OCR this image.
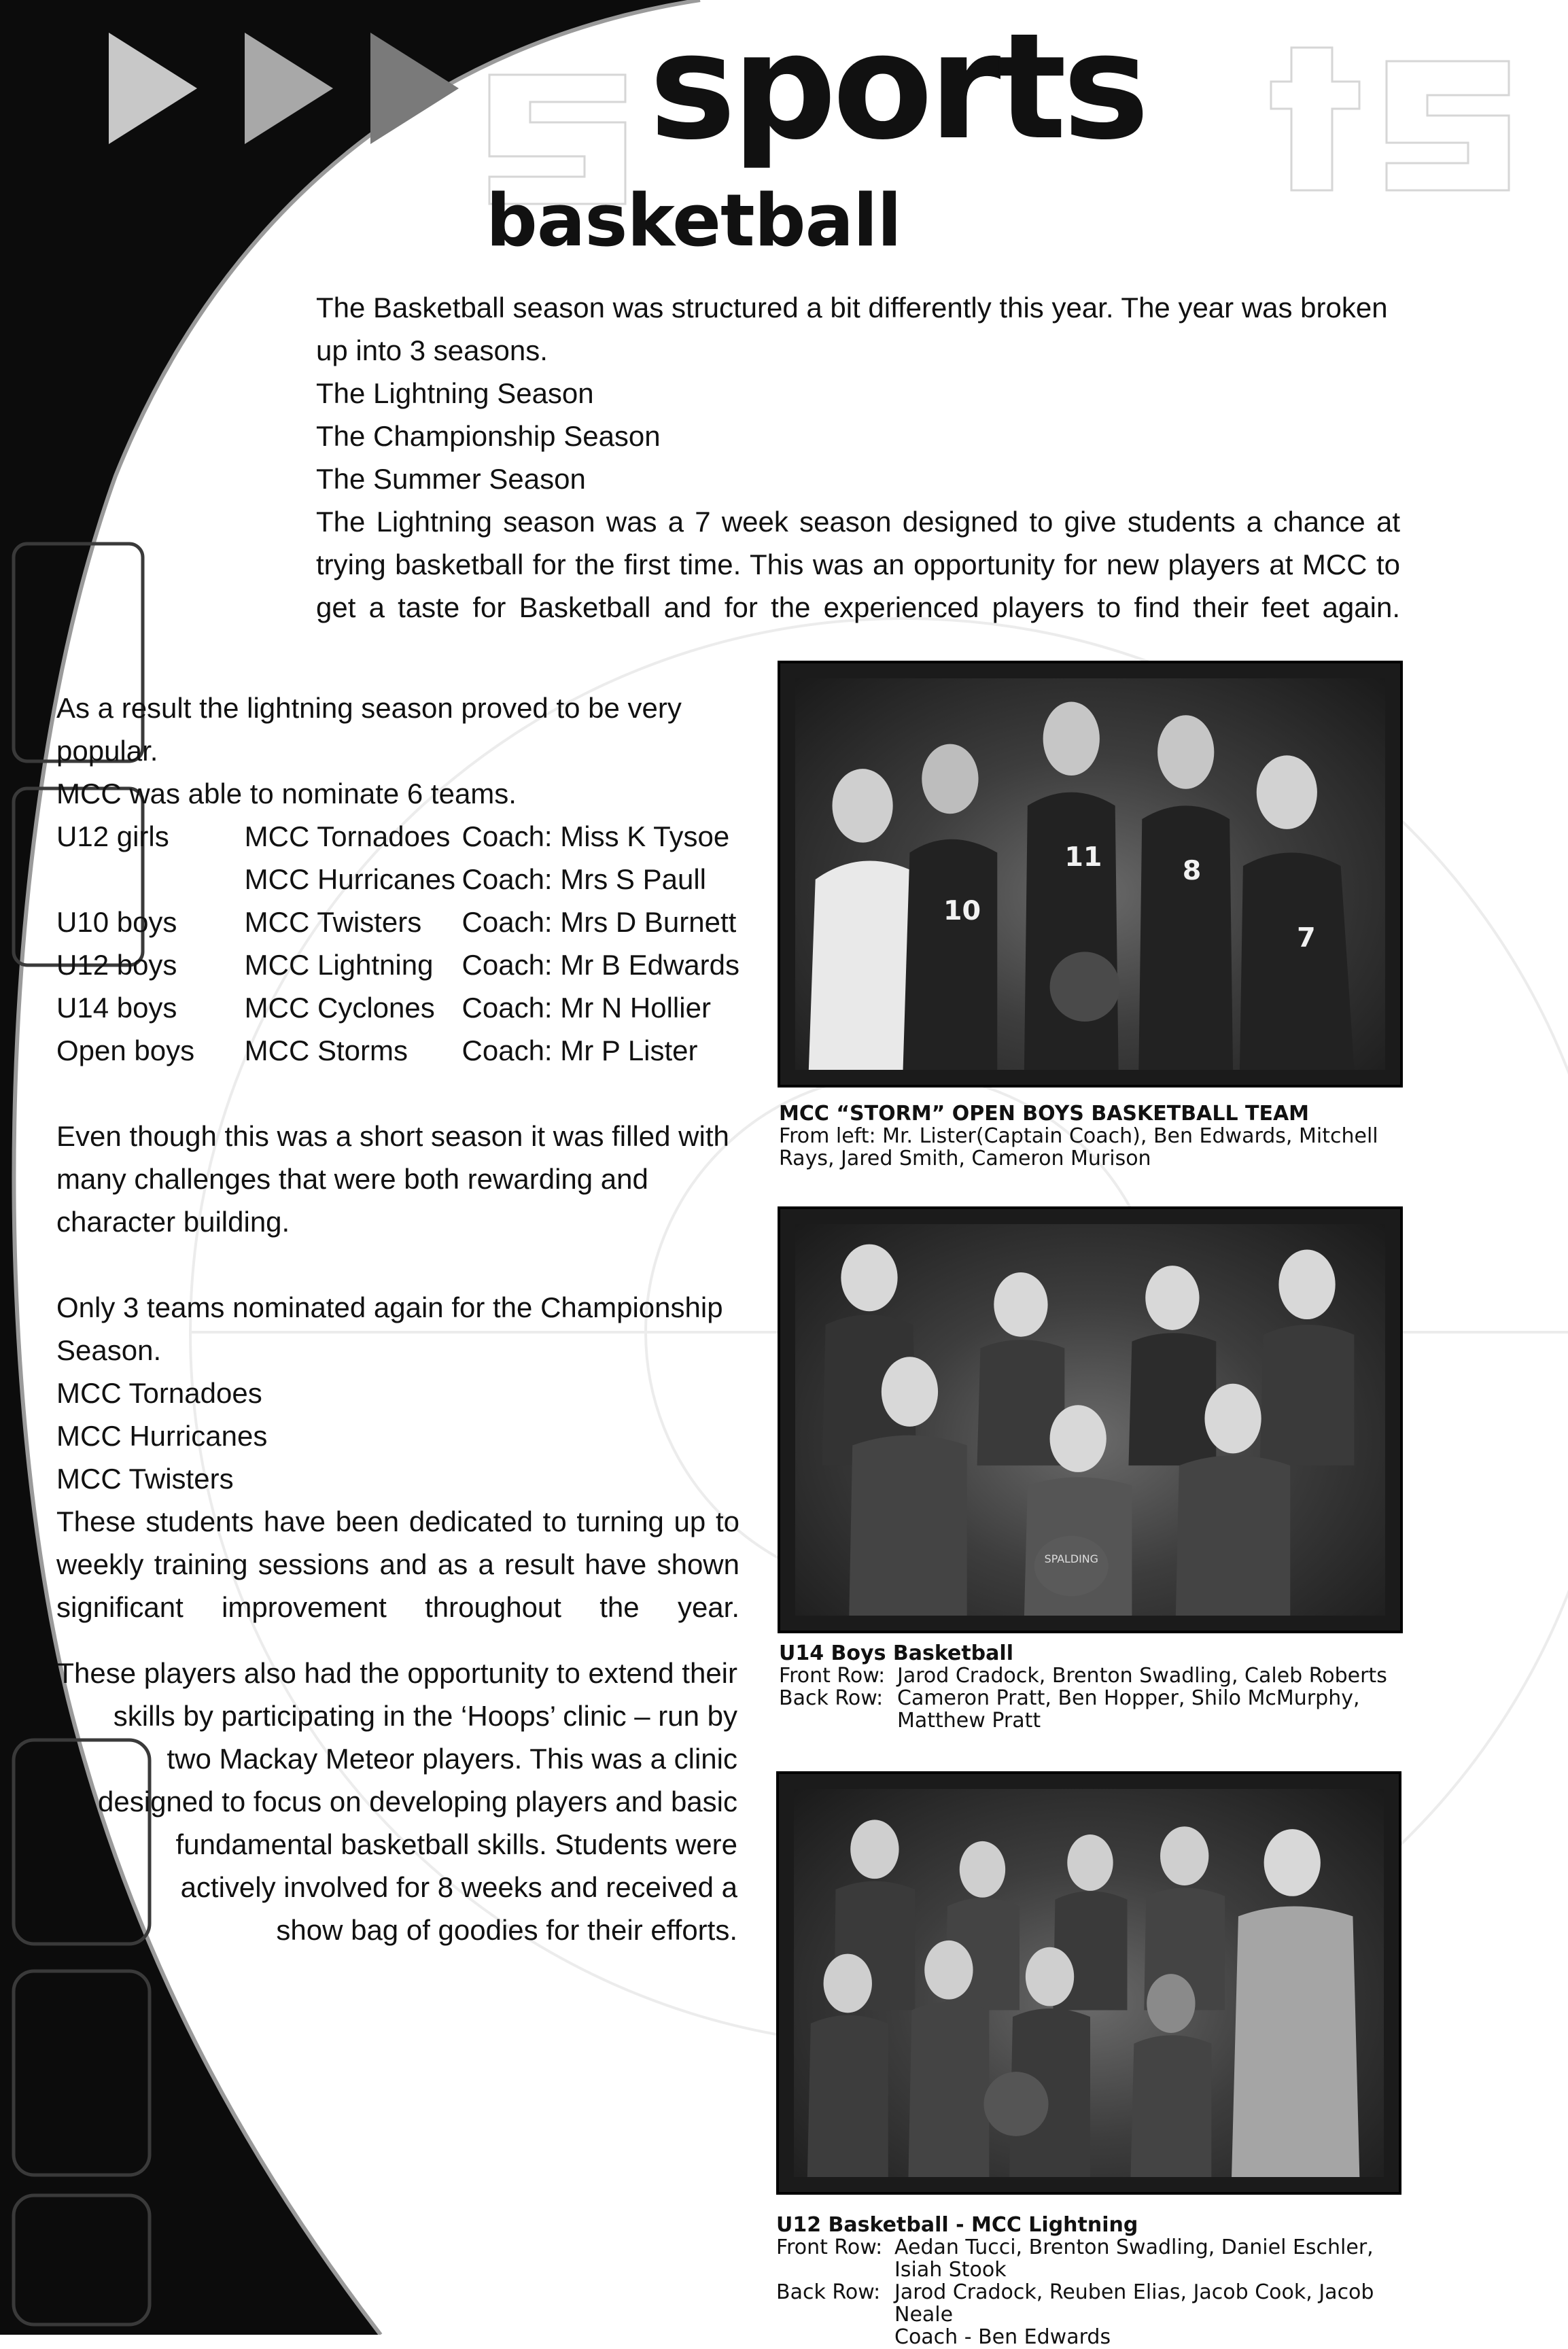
sports
basketball

The Basketball season was structured a bit differently this year. The year was broken up into 3 seasons.

The Lightning Season

The Championship Season

The Summer Season

The Lightning season was a 7 week season designed to give students a chance at trying basketball for the first time. This was an opportunity for new players at MCC to get a taste for Basketball and for the experienced players to find their feet again.

As a result the lightning season proved to be very popular.

MCC was able to nominate 6 teams.

U12 girls	MCC Tornadoes	Coach: Miss K Tysoe
	MCC Hurricanes	Coach: Mrs S Paull
U10 boys	MCC Twisters	Coach: Mrs D Burnett
U12 boys	MCC Lightning	Coach: Mr B Edwards
U14 boys	MCC Cyclones	Coach: Mr N Hollier
Open boys	MCC Storms	Coach: Mr P Lister

Even though this was a short season it was filled with many challenges that were both rewarding and character building.

Only 3 teams nominated again for the Championship Season.

MCC Tornadoes

MCC Hurricanes

MCC Twisters

These students have been dedicated to turning up to weekly training sessions and as a result have shown significant improvement throughout the year.

These players also had the opportunity to extend their

skills by participating in the ‘Hoops’ clinic – run by

two Mackay Meteor players. This was a clinic

designed to focus on developing players and basic

fundamental basketball skills. Students were

actively involved for 8 weeks and received a

show bag of goodies for their efforts.

10
11	8
7

MCC “STORM” OPEN BOYS BASKETBALL TEAM

From left: Mr. Lister(Captain Coach), Ben Edwards, Mitchell

Rays, Jared Smith, Cameron Murison

SPALDING

U14 Boys Basketball

Front Row: Jarod Cradock, Brenton Swadling, Caleb Roberts
Back Row: Cameron Pratt, Ben Hopper, Shilo McMurphy,
Matthew Pratt

U12 Basketball - MCC Lightning

Front Row: Aedan Tucci, Brenton Swadling, Daniel Eschler,
Isiah Stook
Back Row: Jarod Cradock, Reuben Elias, Jacob Cook, Jacob Neale
Coach - Ben Edwards
